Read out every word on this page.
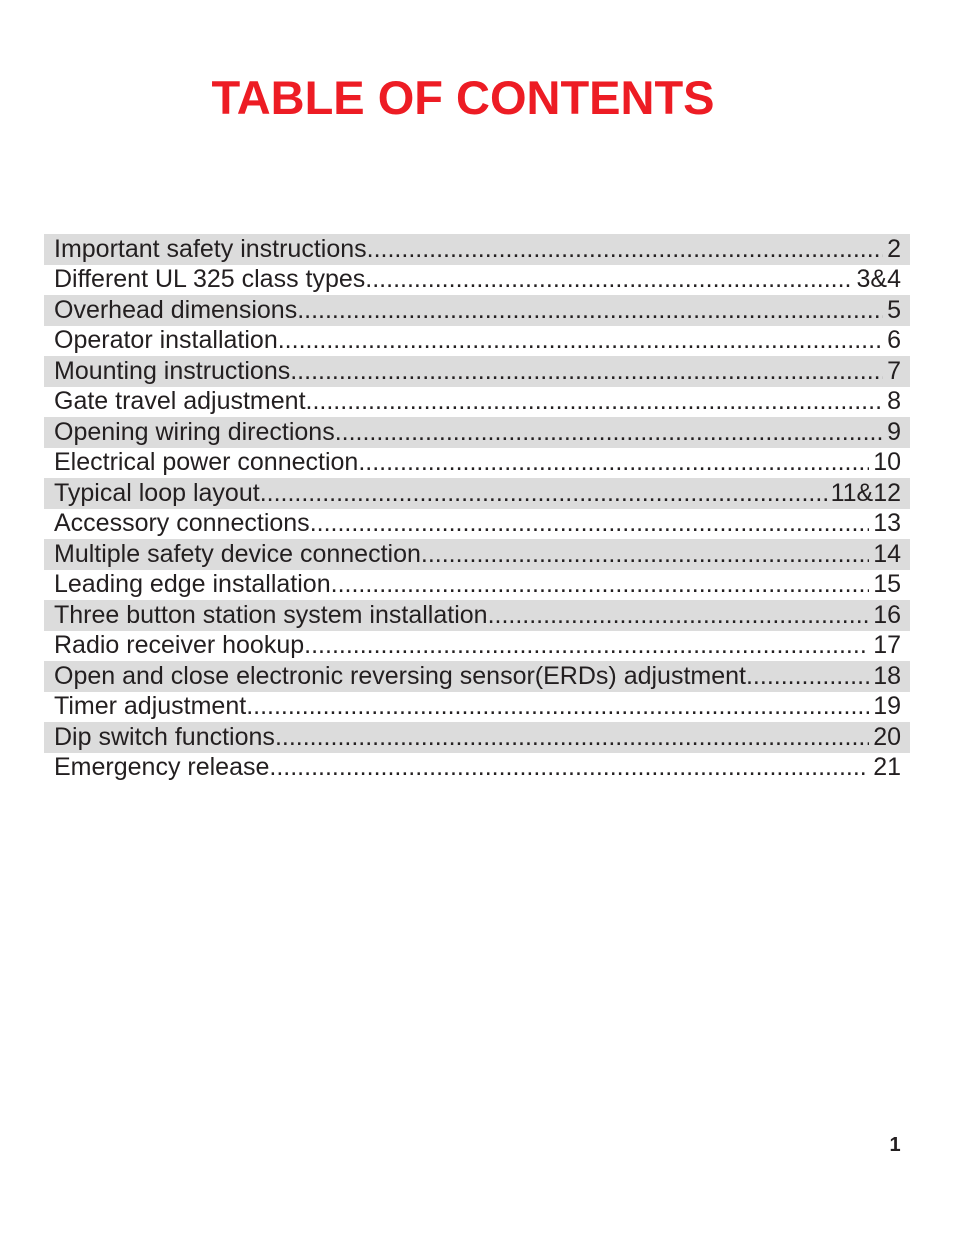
TABLE OF CONTENTS
Important safety instructions .....	2
Different UL 325 class types .....	3&4
Overhead dimensions .....	5
Operator installation .....	6
Mounting instructions .....	7
Gate travel adjustment .....	8
Opening wiring directions .....	9
Electrical power connection .....	10
Typical loop layout .....	11&12
Accessory connections .....	13
Multiple safety device connection .....	14
Leading edge installation .....	15
Three button station system installation .....	16
Radio receiver hookup .....	17
Open and close electronic reversing sensor(ERDs) adjustment .....	18
Timer adjustment .....	19
Dip switch functions .....	20
Emergency release .....	21
1
